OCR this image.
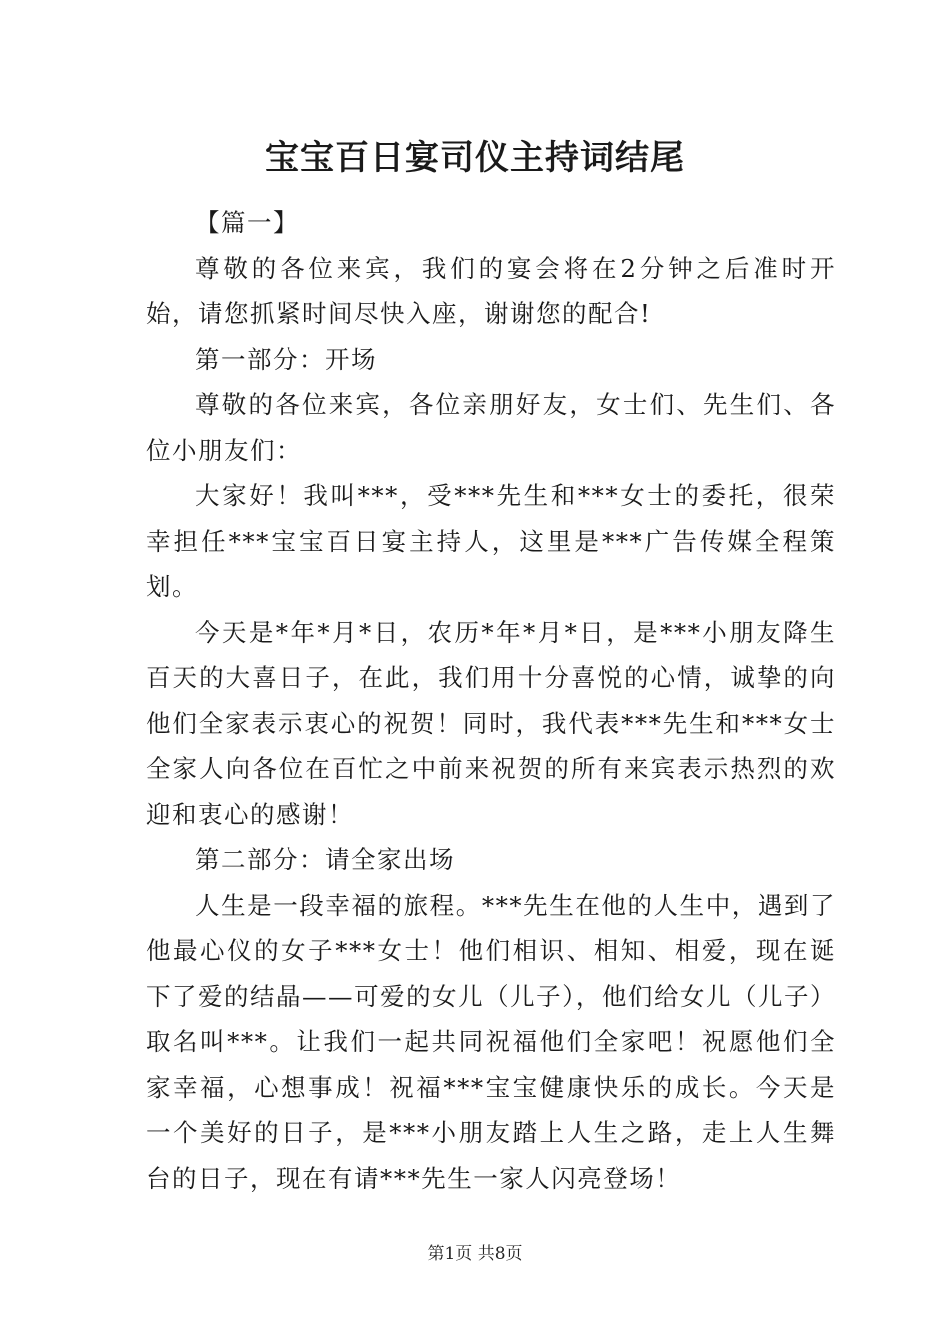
宝宝百日宴司仪主持词结尾

【篇一】

尊敬的各位来宾，我们的宴会将在2分钟之后准时开始，请您抓紧时间尽快入座，谢谢您的配合!

第一部分：开场

尊敬的各位来宾，各位亲朋好友，女士们、先生们、各位小朋友们：

大家好！我叫***，受***先生和***女士的委托，很荣幸担任***宝宝百日宴主持人，这里是***广告传媒全程策划。

今天是*年*月*日，农历*年*月*日，是***小朋友降生百天的大喜日子，在此，我们用十分喜悦的心情，诚挚的向他们全家表示衷心的祝贺！同时，我代表***先生和***女士全家人向各位在百忙之中前来祝贺的所有来宾表示热烈的欢迎和衷心的感谢！

第二部分：请全家出场

人生是一段幸福的旅程。***先生在他的人生中，遇到了他最心仪的女子***女士！他们相识、相知、相爱，现在诞下了爱的结晶——可爱的女儿（儿子），他们给女儿（儿子）取名叫***。让我们一起共同祝福他们全家吧！祝愿他们全家幸福，心想事成！祝福***宝宝健康快乐的成长。今天是一个美好的日子，是***小朋友踏上人生之路，走上人生舞台的日子，现在有请***先生一家人闪亮登场！

第1页 共8页
